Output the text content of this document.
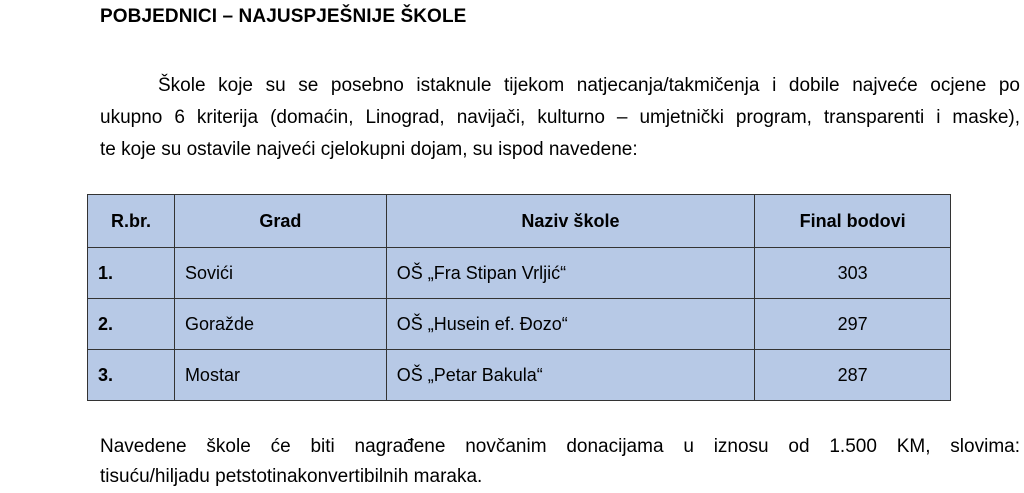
POBJEDNICI – NAJUSPJEŠNIJE ŠKOLE
Škole koje su se posebno istaknule tijekom natjecanja/takmičenja i dobile najveće ocjene po
ukupno 6 kriterija (domaćin, Linograd, navijači, kulturno – umjetnički program, transparenti i maske),
te koje su ostavile najveći cjelokupni dojam, su ispod navedene:
R.br.	Grad	Naziv škole	Final bodovi
1.	Sovići	OŠ „Fra Stipan Vrljić“	303
2.	Goražde	OŠ „Husein ef. Đozo“	297
3.	Mostar	OŠ „Petar Bakula“	287
Navedene škole će biti nagrađene novčanim donacijama u iznosu od 1.500 KM, slovima:
tisuću/hiljadu petstotinakonvertibilnih maraka.
